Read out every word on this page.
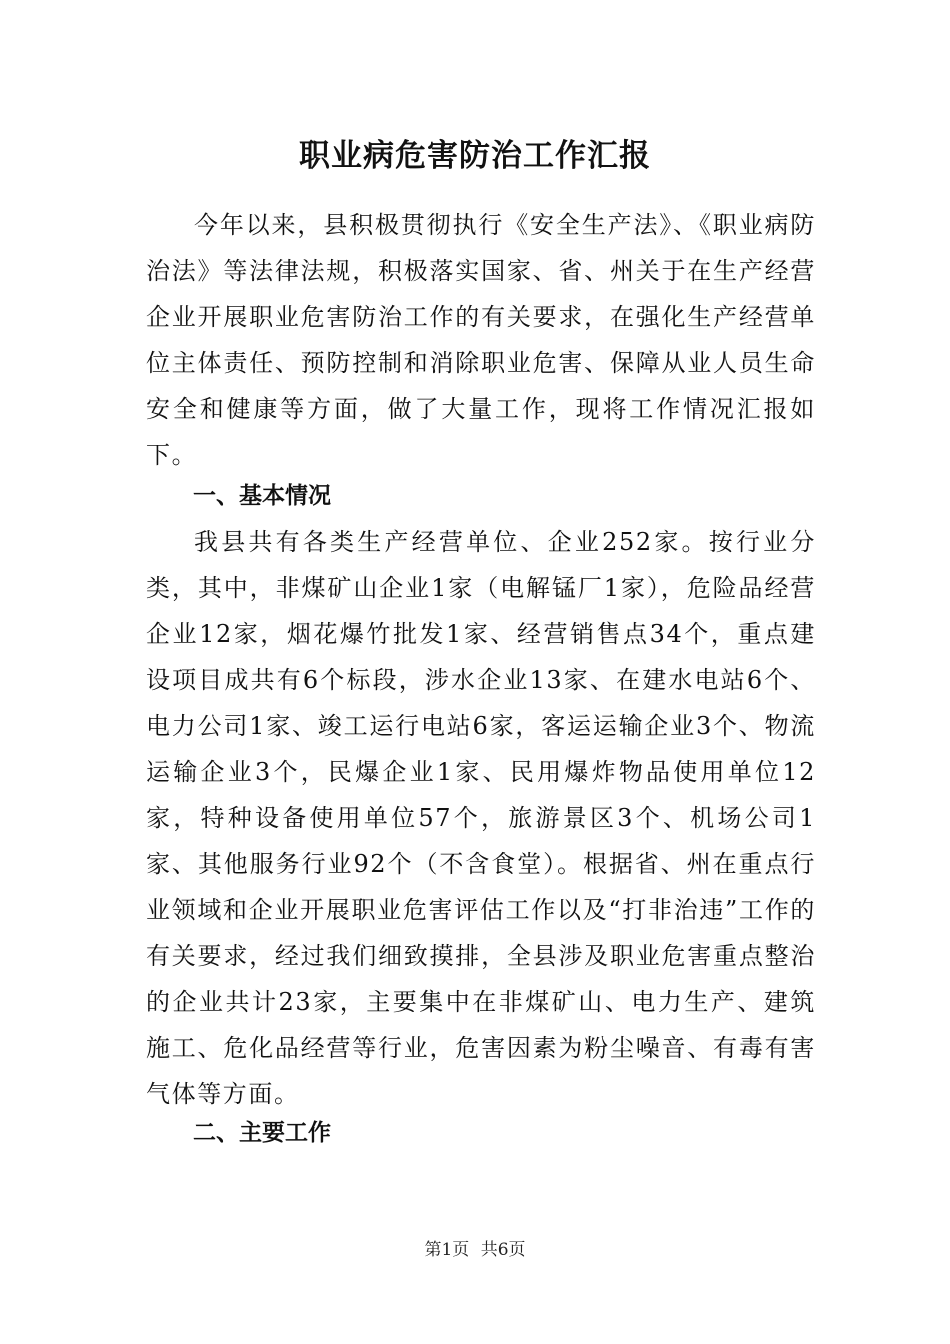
职业病危害防治工作汇报

今年以来，县积极贯彻执行《安全生产法》、《职业病防治法》等法律法规，积极落实国家、省、州关于在生产经营企业开展职业危害防治工作的有关要求，在强化生产经营单位主体责任、预防控制和消除职业危害、保障从业人员生命安全和健康等方面，做了大量工作，现将工作情况汇报如下。

一、基本情况

我县共有各类生产经营单位、企业252家。按行业分类，其中，非煤矿山企业1家（电解锰厂1家），危险品经营企业12家，烟花爆竹批发1家、经营销售点34个，重点建设项目成共有6个标段，涉水企业13家、在建水电站6个、电力公司1家、竣工运行电站6家，客运运输企业3个、物流运输企业3个，民爆企业1家、民用爆炸物品使用单位12家，特种设备使用单位57个，旅游景区3个、机场公司1家、其他服务行业92个（不含食堂）。根据省、州在重点行业领域和企业开展职业危害评估工作以及“打非治违”工作的有关要求，经过我们细致摸排，全县涉及职业危害重点整治的企业共计23家，主要集中在非煤矿山、电力生产、建筑施工、危化品经营等行业，危害因素为粉尘噪音、有毒有害气体等方面。

二、主要工作
第1页 共6页
